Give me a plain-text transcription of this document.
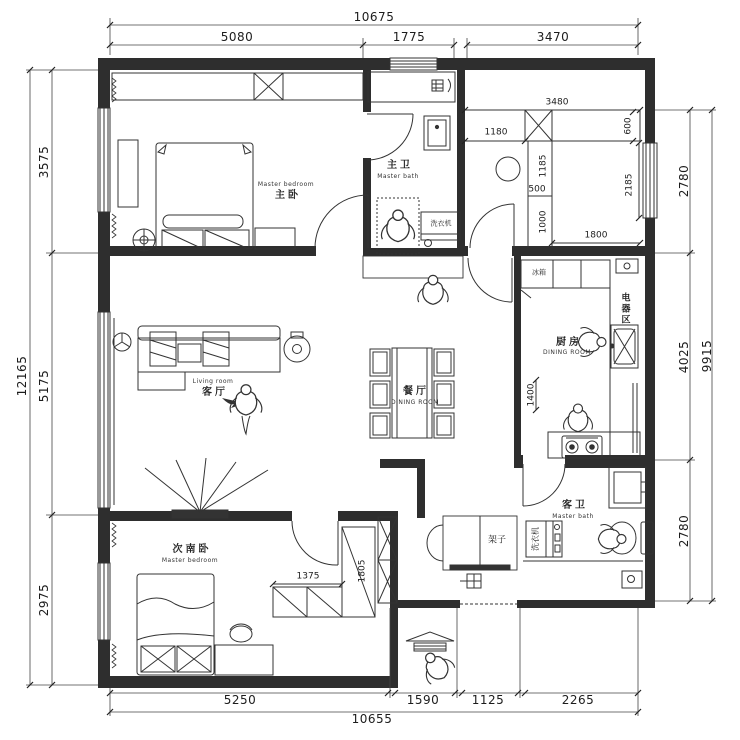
10675
5080	1775	3470
12165
3575
5175
2975
2780
4025 9915
2780
5250	1590	1125	2265
10655
3480
1180	600
1185
500
1000
2185
1800
1400
1375	1805
Master bedroom
主卧
主卫
Master bath
Living room
客厅	餐厅
DINING ROOM
厨房
DINING ROOM
电器区
次南卧
Master bedroom
客卫
Master bath
洗衣机
洗衣机
冰箱
架子
